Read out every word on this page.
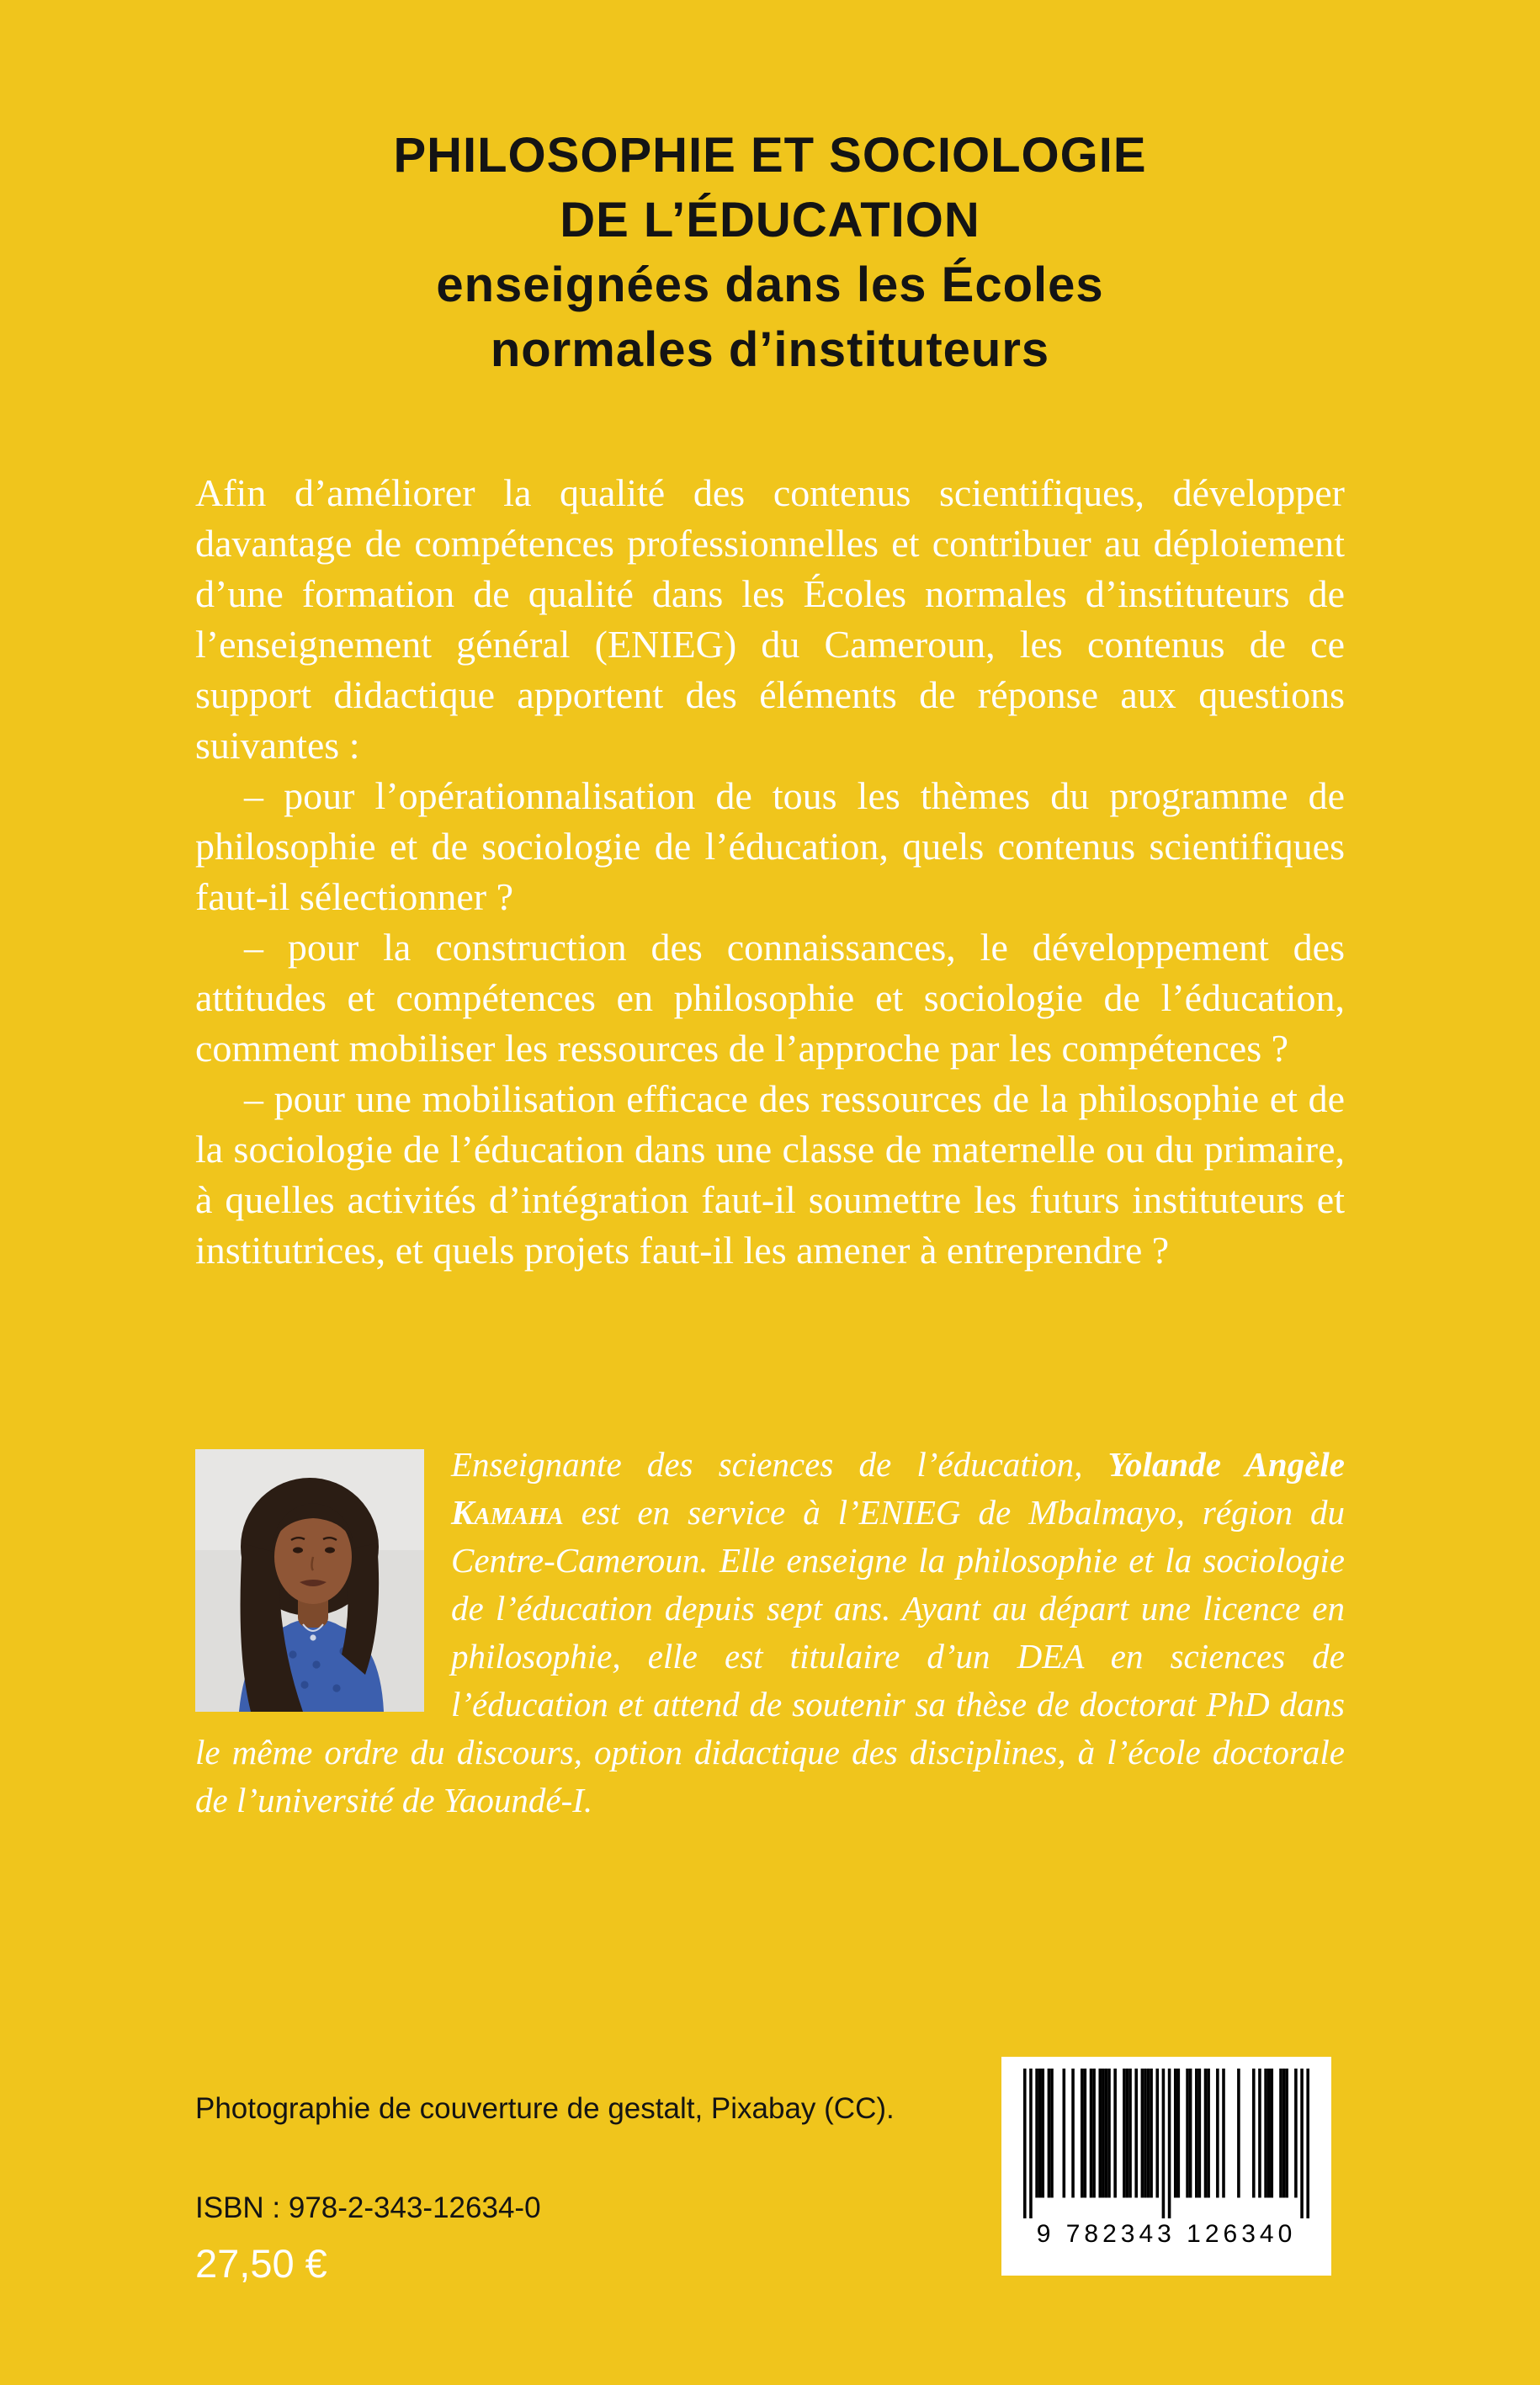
PHILOSOPHIE ET SOCIOLOGIE
DE L’ÉDUCATION
enseignées dans les Écoles
normales d’instituteurs

Afin d’améliorer la qualité des contenus scientifiques, développer davantage de compétences professionnelles et contribuer au déploiement d’une formation de qualité dans les Écoles normales d’instituteurs de l’enseignement général (ENIEG) du Cameroun, les contenus de ce support didactique apportent des éléments de réponse aux questions suivantes :

– pour l’opérationnalisation de tous les thèmes du programme de philosophie et de sociologie de l’éducation, quels contenus scientifiques faut-il sélectionner ?

– pour la construction des connaissances, le développement des attitudes et compétences en philosophie et sociologie de l’éducation, comment mobiliser les ressources de l’approche par les compétences ?

– pour une mobilisation efficace des ressources de la philosophie et de la sociologie de l’éducation dans une classe de maternelle ou du primaire, à quelles activités d’intégration faut-il soumettre les futurs instituteurs et institutrices, et quels projets faut-il les amener à entreprendre ?

Enseignante des sciences de l’éducation, Yolande Angèle Kamaha est en service à l’ENIEG de Mbalmayo, région du Centre-Cameroun. Elle enseigne la philosophie et la sociologie de l’éducation depuis sept ans. Ayant au départ une licence en philosophie, elle est titulaire d’un DEA en sciences de l’éducation et attend de soutenir sa thèse de doctorat PhD dans le même ordre du discours, option didactique des disciplines, à l’école doctorale de l’université de Yaoundé-I.

Photographie de couverture de gestalt, Pixabay (CC).
ISBN : 978-2-343-12634-0
27,50 €
9 782343 126340
